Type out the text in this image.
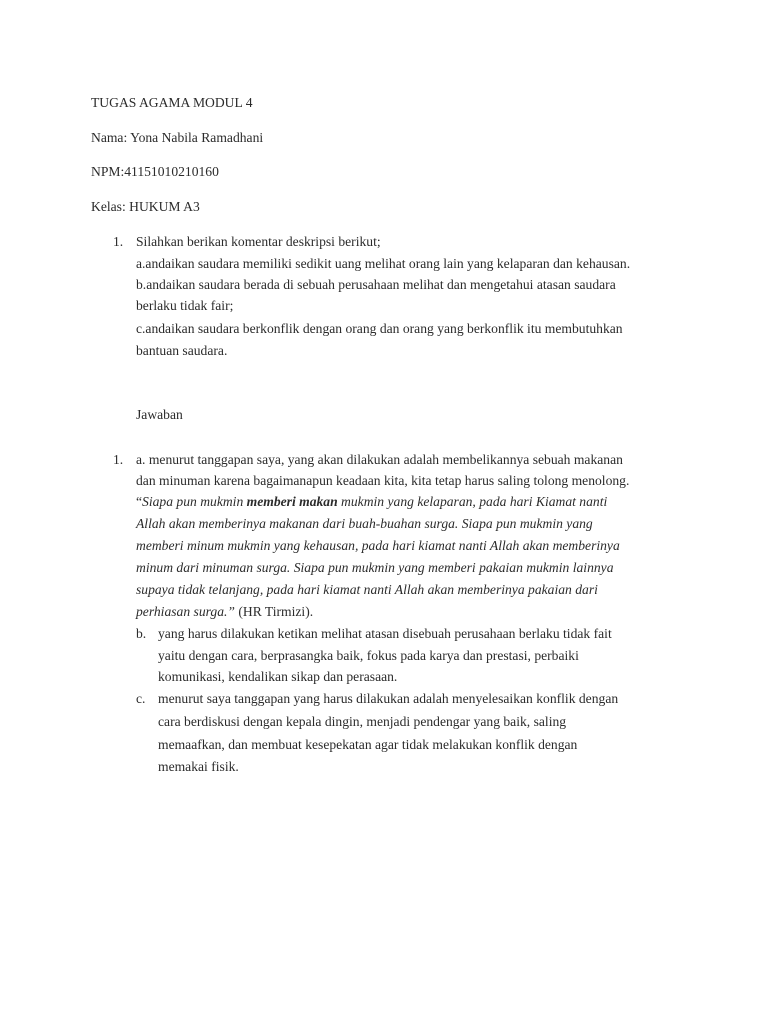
TUGAS AGAMA MODUL 4
Nama: Yona Nabila Ramadhani
NPM:41151010210160
Kelas: HUKUM A3
1. Silahkan berikan komentar deskripsi berikut;
a.andaikan saudara memiliki sedikit uang melihat orang lain yang kelaparan dan kehausan.
b.andaikan saudara berada di sebuah perusahaan melihat dan mengetahui atasan saudara
berlaku tidak fair;
c.andaikan saudara berkonflik dengan orang dan orang yang berkonflik itu membutuhkan
bantuan saudara.
Jawaban
1. a. menurut tanggapan saya, yang akan dilakukan adalah membelikannya sebuah makanan
dan minuman karena bagaimanapun keadaan kita, kita tetap harus saling tolong menolong.
“Siapa pun mukmin memberi makan mukmin yang kelaparan, pada hari Kiamat nanti
Allah akan memberinya makanan dari buah-buahan surga. Siapa pun mukmin yang
memberi minum mukmin yang kehausan, pada hari kiamat nanti Allah akan memberinya
minum dari minuman surga. Siapa pun mukmin yang memberi pakaian mukmin lainnya
supaya tidak telanjang, pada hari kiamat nanti Allah akan memberinya pakaian dari
perhiasan surga.” (HR Tirmizi).
b. yang harus dilakukan ketikan melihat atasan disebuah perusahaan berlaku tidak fait
yaitu dengan cara, berprasangka baik, fokus pada karya dan prestasi, perbaiki
komunikasi, kendalikan sikap dan perasaan.
c. menurut saya tanggapan yang harus dilakukan adalah menyelesaikan konflik dengan
cara berdiskusi dengan kepala dingin, menjadi pendengar yang baik, saling
memaafkan, dan membuat kesepekatan agar tidak melakukan konflik dengan
memakai fisik.
